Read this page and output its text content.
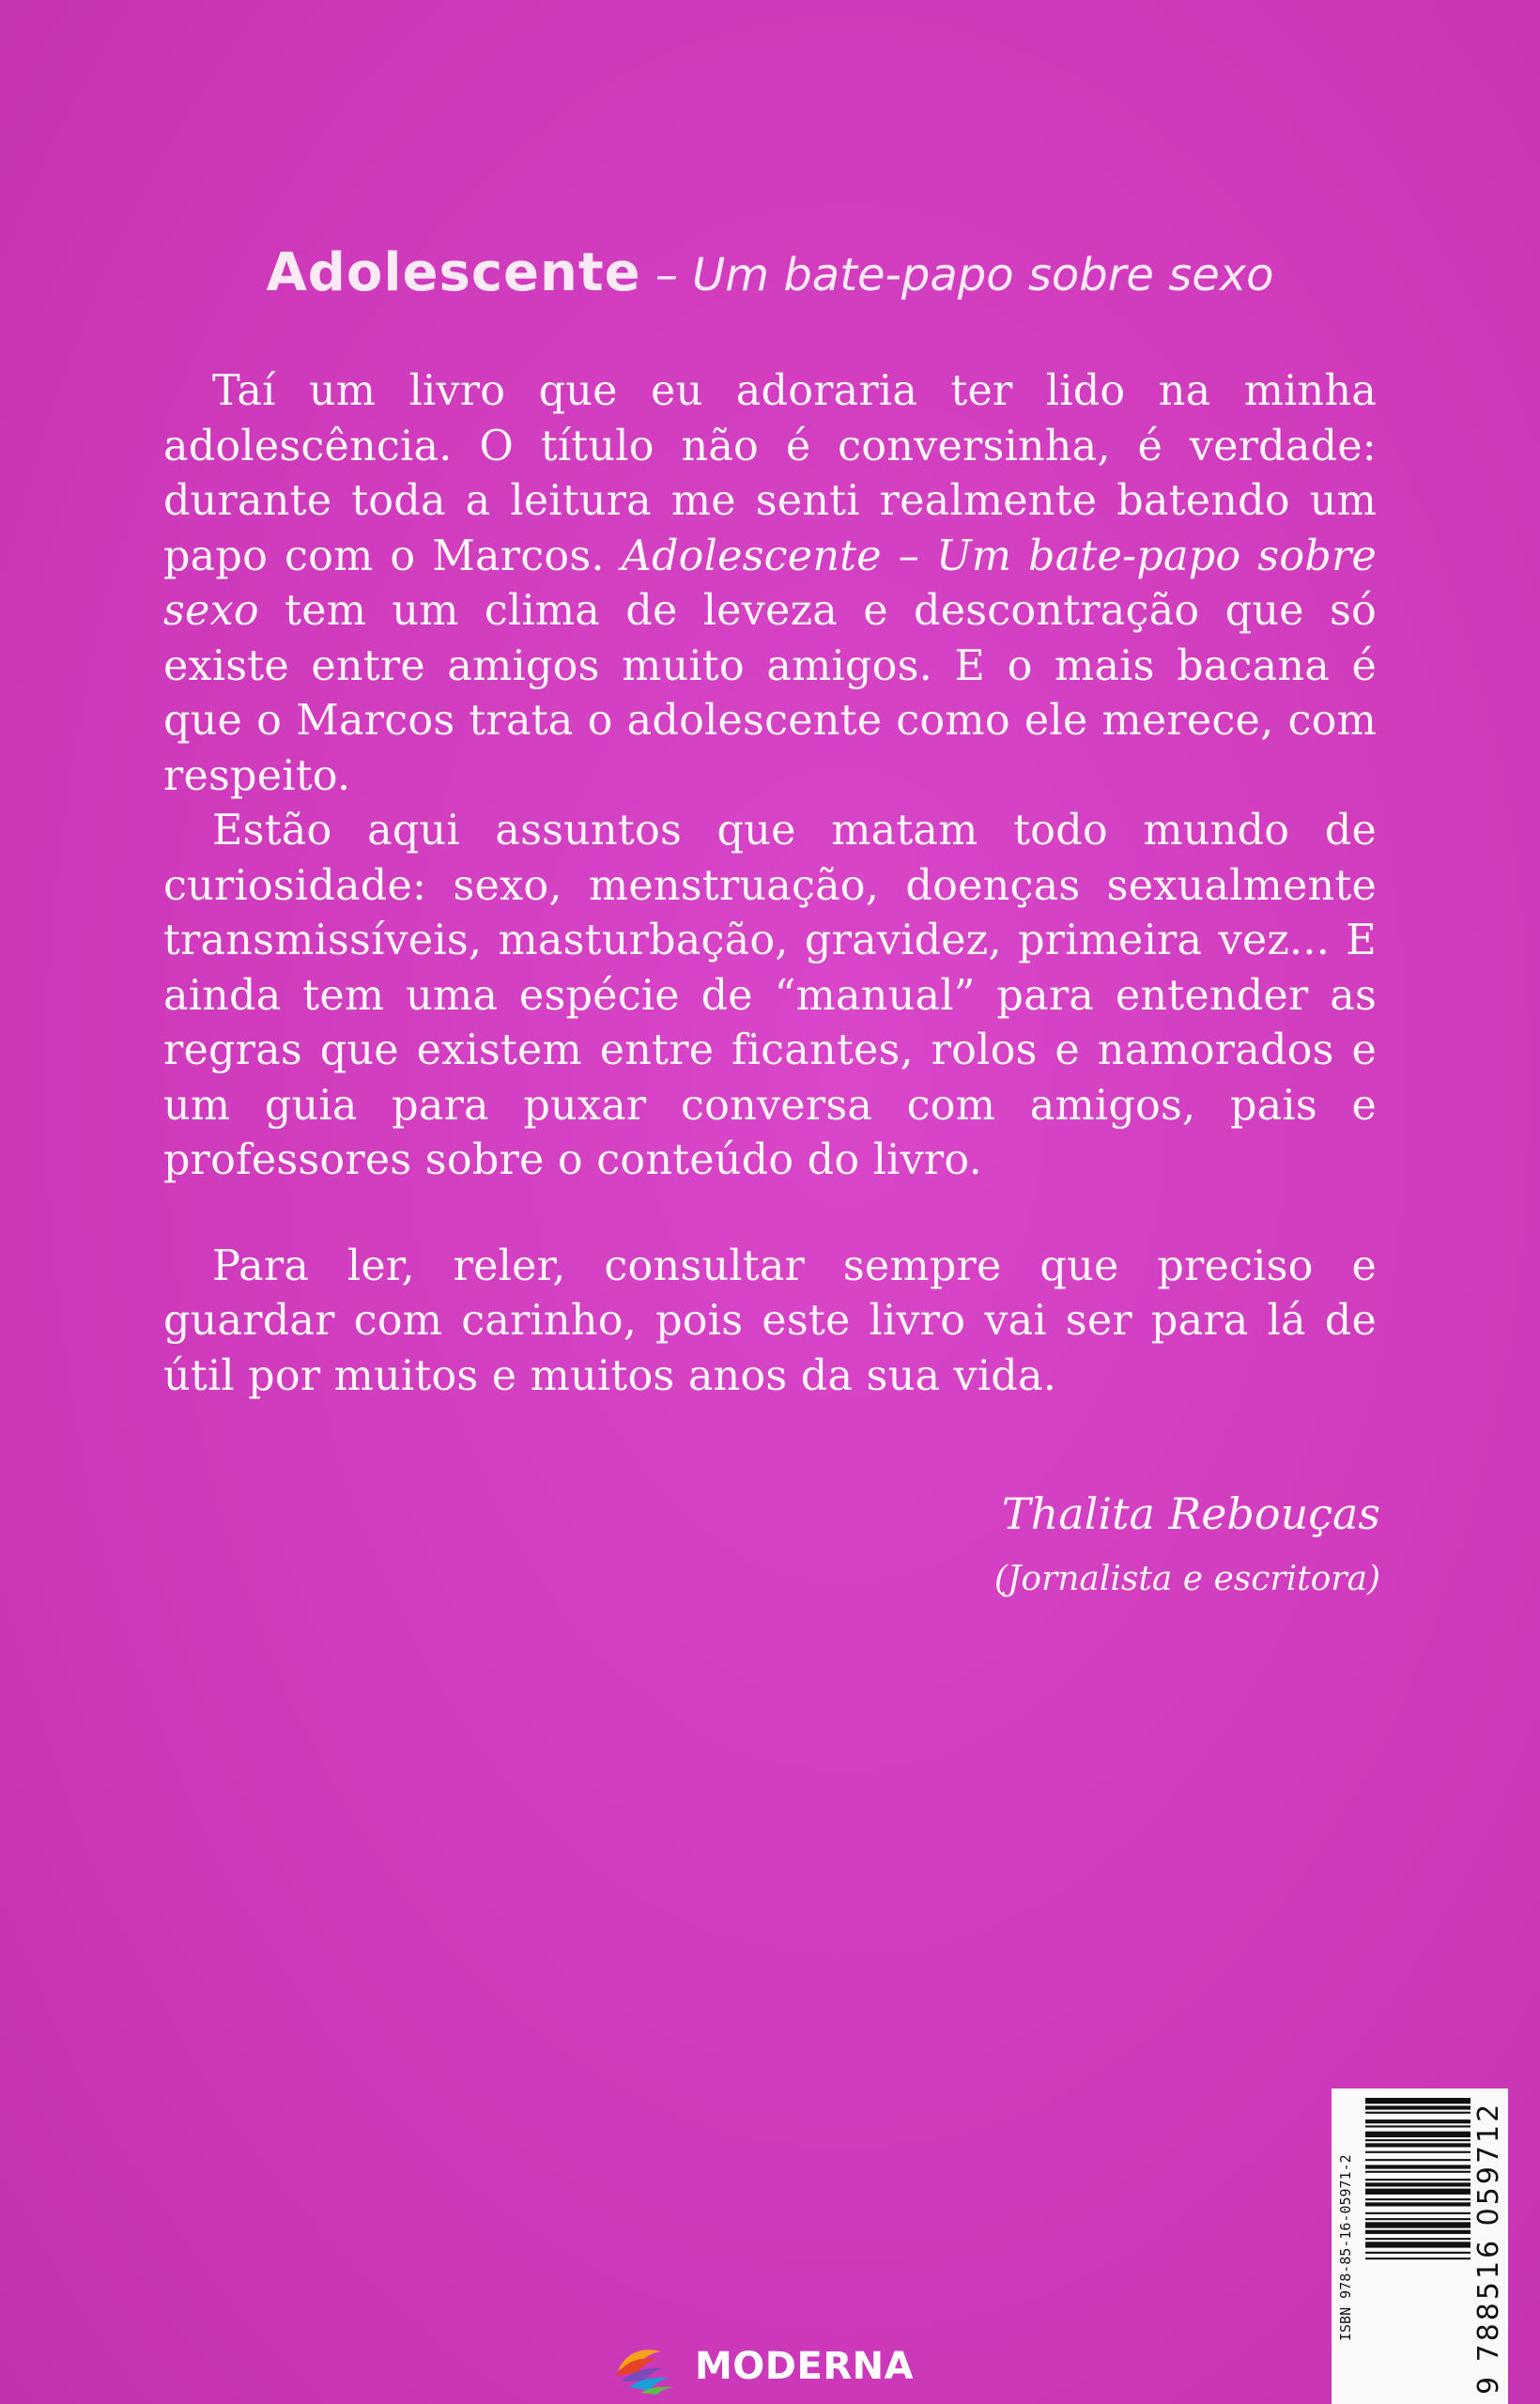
Adolescente – Um bate-papo sobre sexo

Taí um livro que eu adoraria ter lido na minha adolescência. O título não é conversinha, é verdade: durante toda a leitura me senti realmente batendo um papo com o Marcos. Adolescente – Um bate-papo sobre sexo tem um clima de leveza e descontração que só existe entre amigos muito amigos. E o mais bacana é que o Marcos trata o adolescente como ele merece, com respeito.

Estão aqui assuntos que matam todo mundo de curiosidade: sexo, menstruação, doenças sexualmente transmissíveis, masturbação, gravidez, primeira vez... E ainda tem uma espécie de “manual” para entender as regras que existem entre ficantes, rolos e namorados e um guia para puxar conversa com amigos, pais e professores sobre o conteúdo do livro.

Para ler, reler, consultar sempre que preciso e guardar com carinho, pois este livro vai ser para lá de útil por muitos e muitos anos da sua vida.

Thalita Rebouças
(Jornalista e escritora)
ISBN 978-85-16-05971-2	9 788516 059712
MODERNA
